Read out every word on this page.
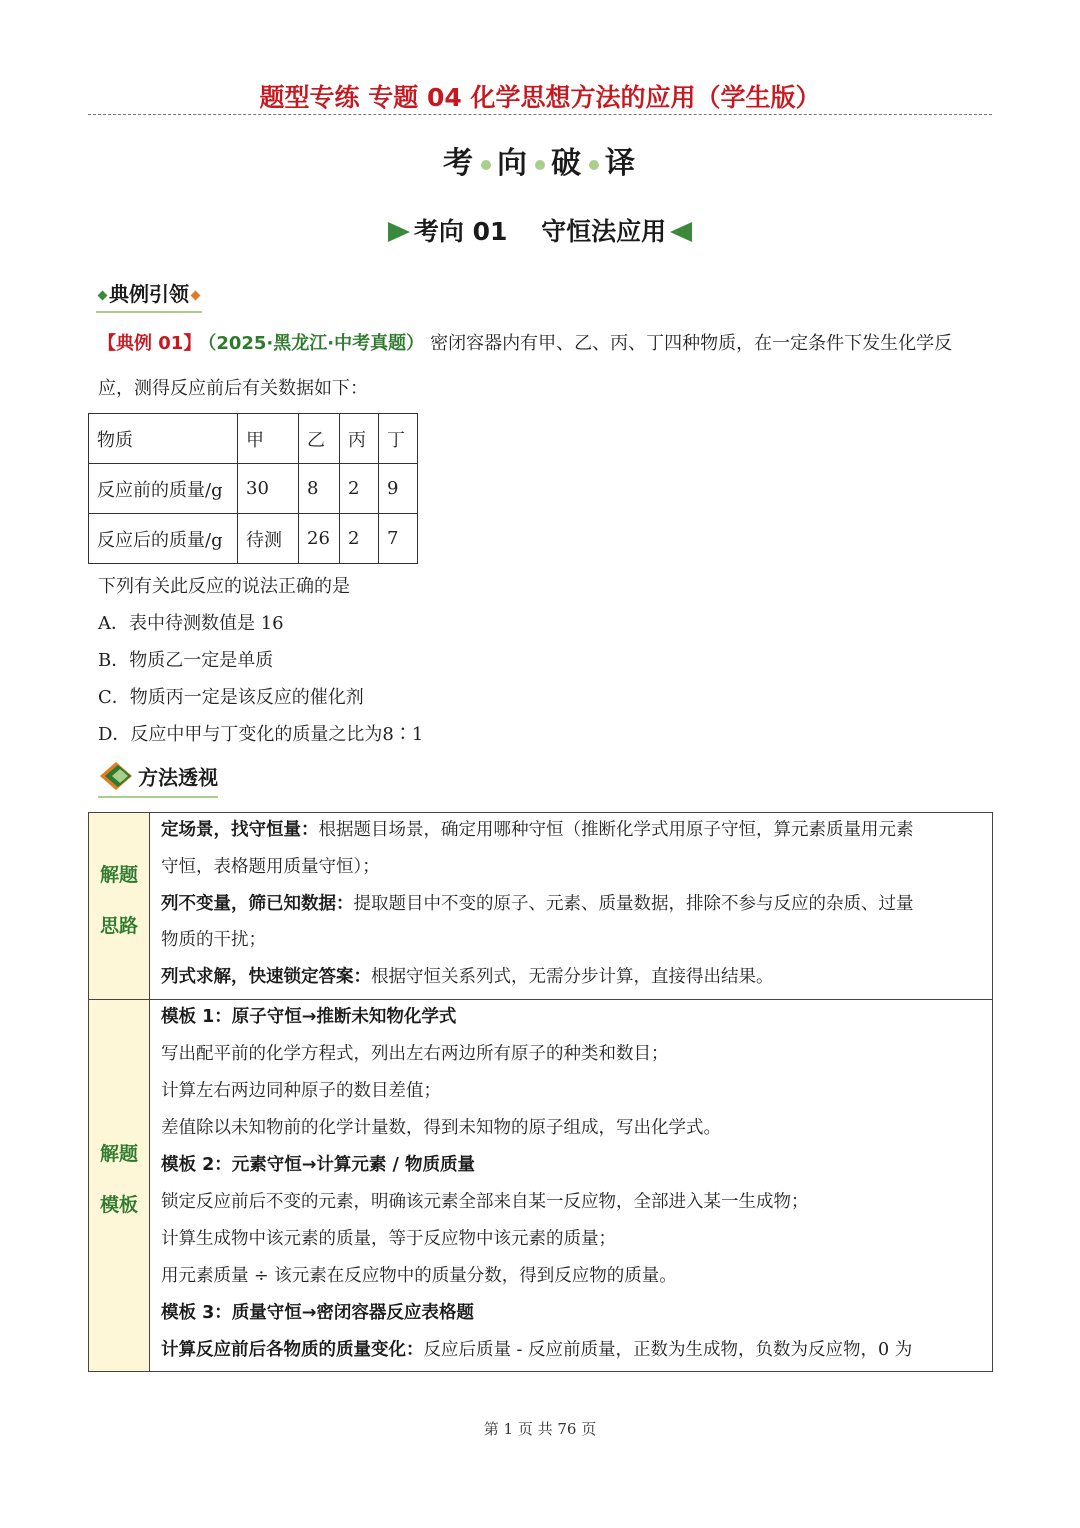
题型专练 专题 04 化学思想方法的应用（学生版）
考 向 破 译
考向 01　 守恒法应用
典例引领
【典例 01】 （2025·黑龙江·中考真题） 密闭容器内有甲、乙、丙、丁四种物质，在一定条件下发生化学反
应，测得反应前后有关数据如下：
物质	甲	乙	丙	丁
反应前的质量/g	30	8	2	9
反应后的质量/g	待测	26	2	7
下列有关此反应的说法正确的是
A．表中待测数值是 16
B．物质乙一定是单质
C．物质丙一定是该反应的催化剂
D．反应中甲与丁变化的质量之比为8∶1
方法透视
解题
思路
解题
模板
定场景，找守恒量：根据题目场景，确定用哪种守恒（推断化学式用原子守恒，算元素质量用元素
守恒，表格题用质量守恒）；
列不变量，筛已知数据：提取题目中不变的原子、元素、质量数据，排除不参与反应的杂质、过量
物质的干扰；
列式求解，快速锁定答案：根据守恒关系列式，无需分步计算，直接得出结果。
模板 1：原子守恒→推断未知物化学式
写出配平前的化学方程式，列出左右两边所有原子的种类和数目；
计算左右两边同种原子的数目差值；
差值除以未知物前的化学计量数，得到未知物的原子组成，写出化学式。
模板 2：元素守恒→计算元素 / 物质质量
锁定反应前后不变的元素，明确该元素全部来自某一反应物，全部进入某一生成物；
计算生成物中该元素的质量，等于反应物中该元素的质量；
用元素质量 ÷ 该元素在反应物中的质量分数，得到反应物的质量。
模板 3：质量守恒→密闭容器反应表格题
计算反应前后各物质的质量变化：反应后质量 - 反应前质量，正数为生成物，负数为反应物，0 为
第 1 页 共 76 页
